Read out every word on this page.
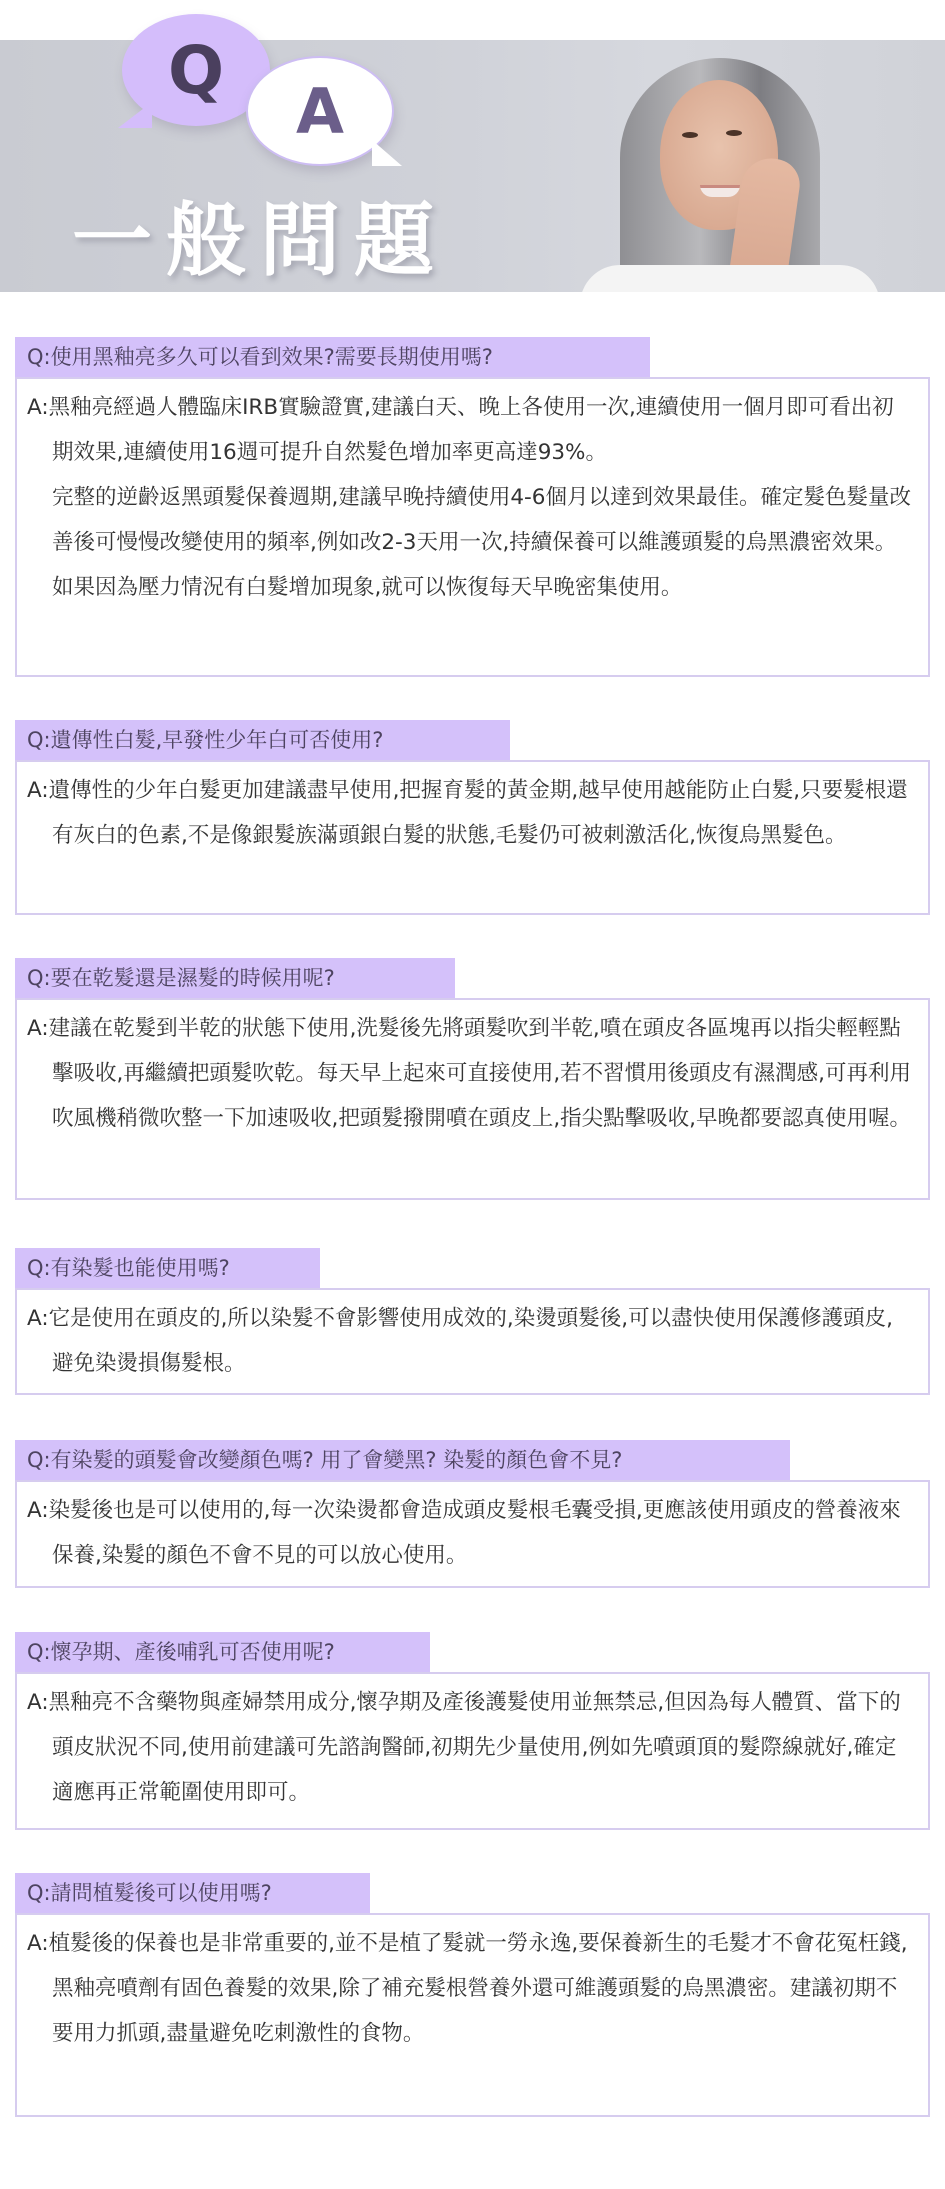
Q
A
一般問題
Q:使用黑釉亮多久可以看到效果?需要長期使用嗎?

A:黑釉亮經過人體臨床IRB實驗證實,建議白天、晚上各使用一次,連續使用一個月即可看出初期效果,連續使用16週可提升自然髮色增加率更高達93%。

完整的逆齡返黑頭髮保養週期,建議早晚持續使用4-6個月以達到效果最佳。確定髮色髮量改善後可慢慢改變使用的頻率,例如改2-3天用一次,持續保養可以維護頭髮的烏黑濃密效果。如果因為壓力情況有白髮增加現象,就可以恢復每天早晚密集使用。

Q:遺傳性白髮,早發性少年白可否使用?

A:遺傳性的少年白髮更加建議盡早使用,把握育髮的黃金期,越早使用越能防止白髮,只要髮根還有灰白的色素,不是像銀髮族滿頭銀白髮的狀態,毛髮仍可被刺激活化,恢復烏黑髮色。

Q:要在乾髮還是濕髮的時候用呢?

A:建議在乾髮到半乾的狀態下使用,洗髮後先將頭髮吹到半乾,噴在頭皮各區塊再以指尖輕輕點擊吸收,再繼續把頭髮吹乾。每天早上起來可直接使用,若不習慣用後頭皮有濕潤感,可再利用吹風機稍微吹整一下加速吸收,把頭髮撥開噴在頭皮上,指尖點擊吸收,早晚都要認真使用喔。

Q:有染髮也能使用嗎?

A:它是使用在頭皮的,所以染髮不會影響使用成效的,染燙頭髮後,可以盡快使用保護修護頭皮,避免染燙損傷髮根。

Q:有染髮的頭髮會改變顏色嗎? 用了會變黑? 染髮的顏色會不見?

A:染髮後也是可以使用的,每一次染燙都會造成頭皮髮根毛囊受損,更應該使用頭皮的營養液來保養,染髮的顏色不會不見的可以放心使用。

Q:懷孕期、產後哺乳可否使用呢?

A:黑釉亮不含藥物與產婦禁用成分,懷孕期及產後護髮使用並無禁忌,但因為每人體質、當下的頭皮狀況不同,使用前建議可先諮詢醫師,初期先少量使用,例如先噴頭頂的髮際線就好,確定適應再正常範圍使用即可。

Q:請問植髮後可以使用嗎?

A:植髮後的保養也是非常重要的,並不是植了髮就一勞永逸,要保養新生的毛髮才不會花冤枉錢,黑釉亮噴劑有固色養髮的效果,除了補充髮根營養外還可維護頭髮的烏黑濃密。建議初期不要用力抓頭,盡量避免吃刺激性的食物。
